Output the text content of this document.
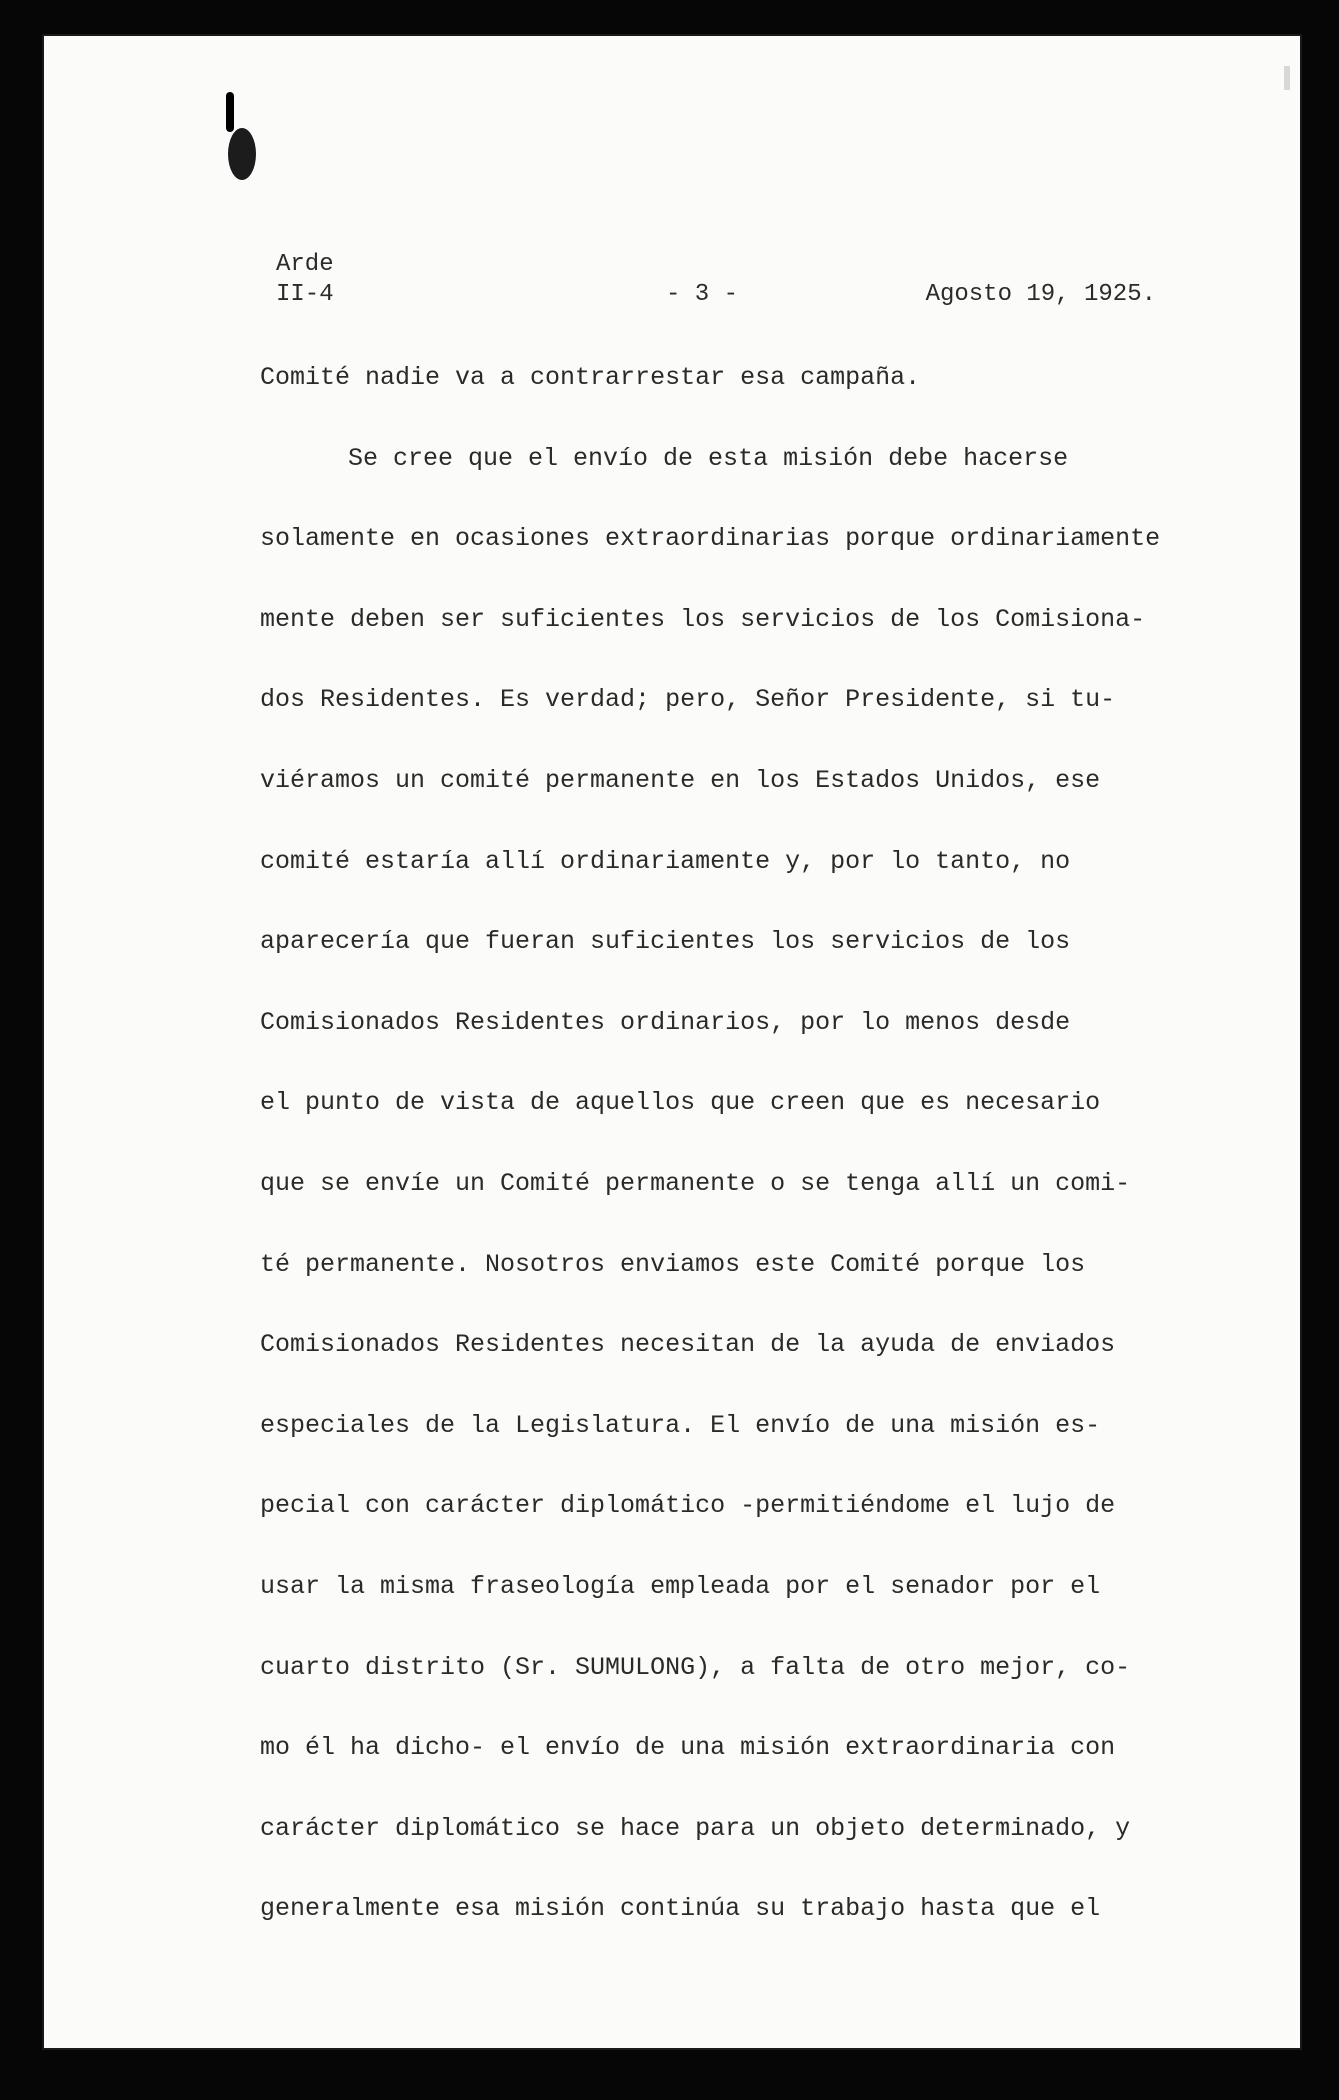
Arde
II-4	- 3 -	Agosto 19, 1925.
Comité nadie va a contrarrestar esa campaña.
Se cree que el envío de esta misión debe hacerse
solamente en ocasiones extraordinarias porque ordinariamente
mente deben ser suficientes los servicios de los Comisiona-
dos Residentes. Es verdad; pero, Señor Presidente, si tu-
viéramos un comité permanente en los Estados Unidos, ese
comité estaría allí ordinariamente y, por lo tanto, no
aparecería que fueran suficientes los servicios de los
Comisionados Residentes ordinarios, por lo menos desde
el punto de vista de aquellos que creen que es necesario
que se envíe un Comité permanente o se tenga allí un comi-
té permanente. Nosotros enviamos este Comité porque los
Comisionados Residentes necesitan de la ayuda de enviados
especiales de la Legislatura. El envío de una misión es-
pecial con carácter diplomático -permitiéndome el lujo de
usar la misma fraseología empleada por el senador por el
cuarto distrito (Sr. SUMULONG), a falta de otro mejor, co-
mo él ha dicho- el envío de una misión extraordinaria con
carácter diplomático se hace para un objeto determinado, y
generalmente esa misión continúa su trabajo hasta que el
